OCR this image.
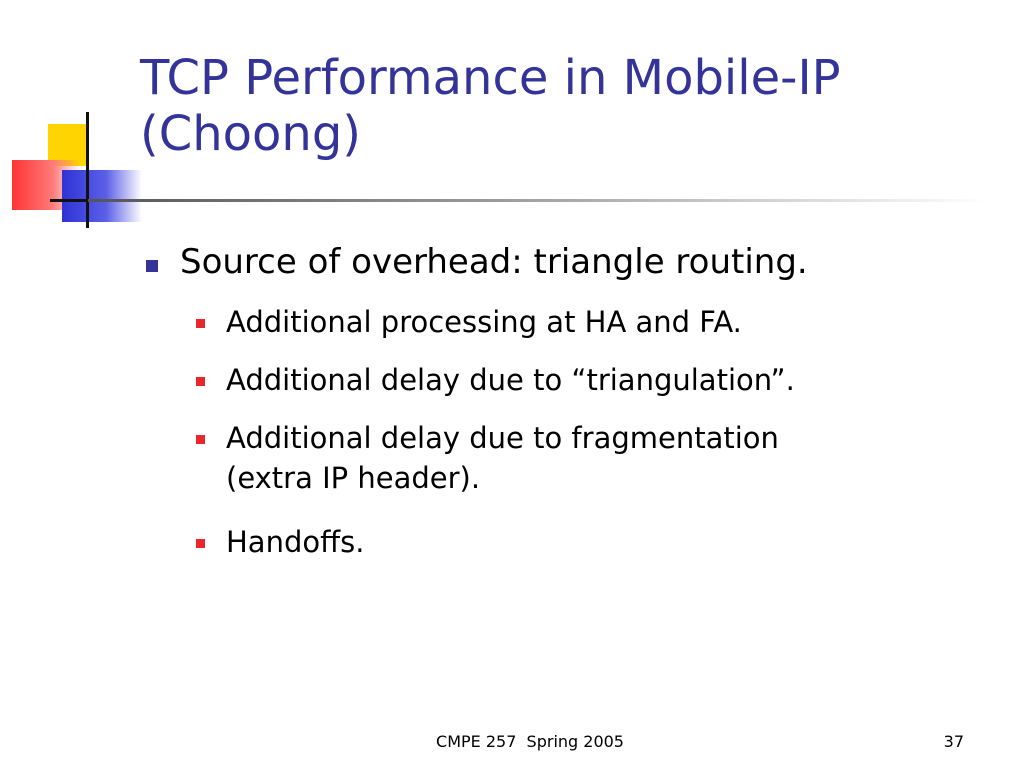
TCP Performance in Mobile-IP
(Choong)
Source of overhead: triangle routing.
Additional processing at HA and FA.
Additional delay due to “triangulation”.
Additional delay due to fragmentation
(extra IP header).
Handoffs.
CMPE 257  Spring 2005	37
